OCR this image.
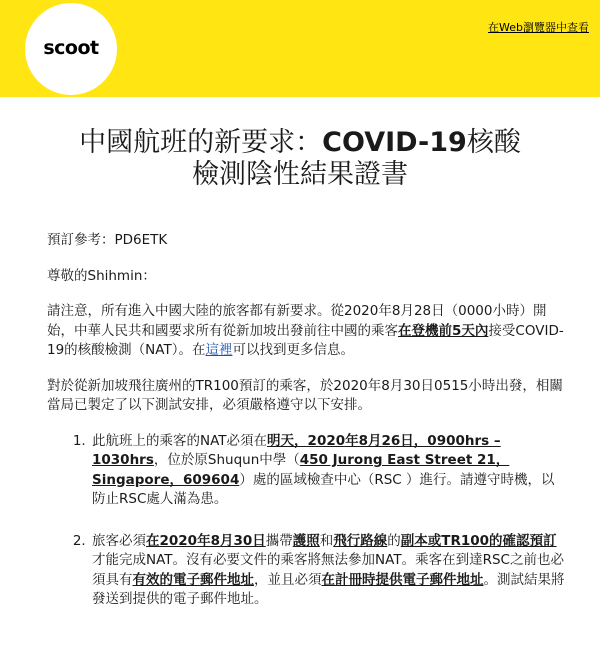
scoot
在Web瀏覽器中查看
中國航班的新要求：COVID-19核酸
檢測陰性結果證書

預訂參考：PD6ETK

尊敬的Shihmin：

請注意，所有進入中國大陸的旅客都有新要求。從2020年8月28日（0000小時）開始，中華人民共和國要求所有從新加坡出發前往中國的乘客在登機前5天內接受COVID-19的核酸檢測（NAT）。在這裡可以找到更多信息。

對於從新加坡飛往廣州的TR100預訂的乘客，於2020年8月30日0515小時出發，相關當局已製定了以下測試安排，必須嚴格遵守以下安排。

1. 此航班上的乘客的NAT必須在明天，2020年8月26日，0900hrs – 1030hrs，位於原Shuqun中學（450 Jurong East Street 21，Singapore，609604）處的區域檢查中心（RSC ）進行。請遵守時機，以防止RSC處人滿為患。
2. 旅客必須在2020年8月30日攜帶護照和飛行路線的副本或TR100的確認預訂才能完成NAT。沒有必要文件的乘客將無法參加NAT。乘客在到達RSC之前也必須具有有效的電子郵件地址，並且必須在計冊時提供電子郵件地址。測試結果將發送到提供的電子郵件地址。
